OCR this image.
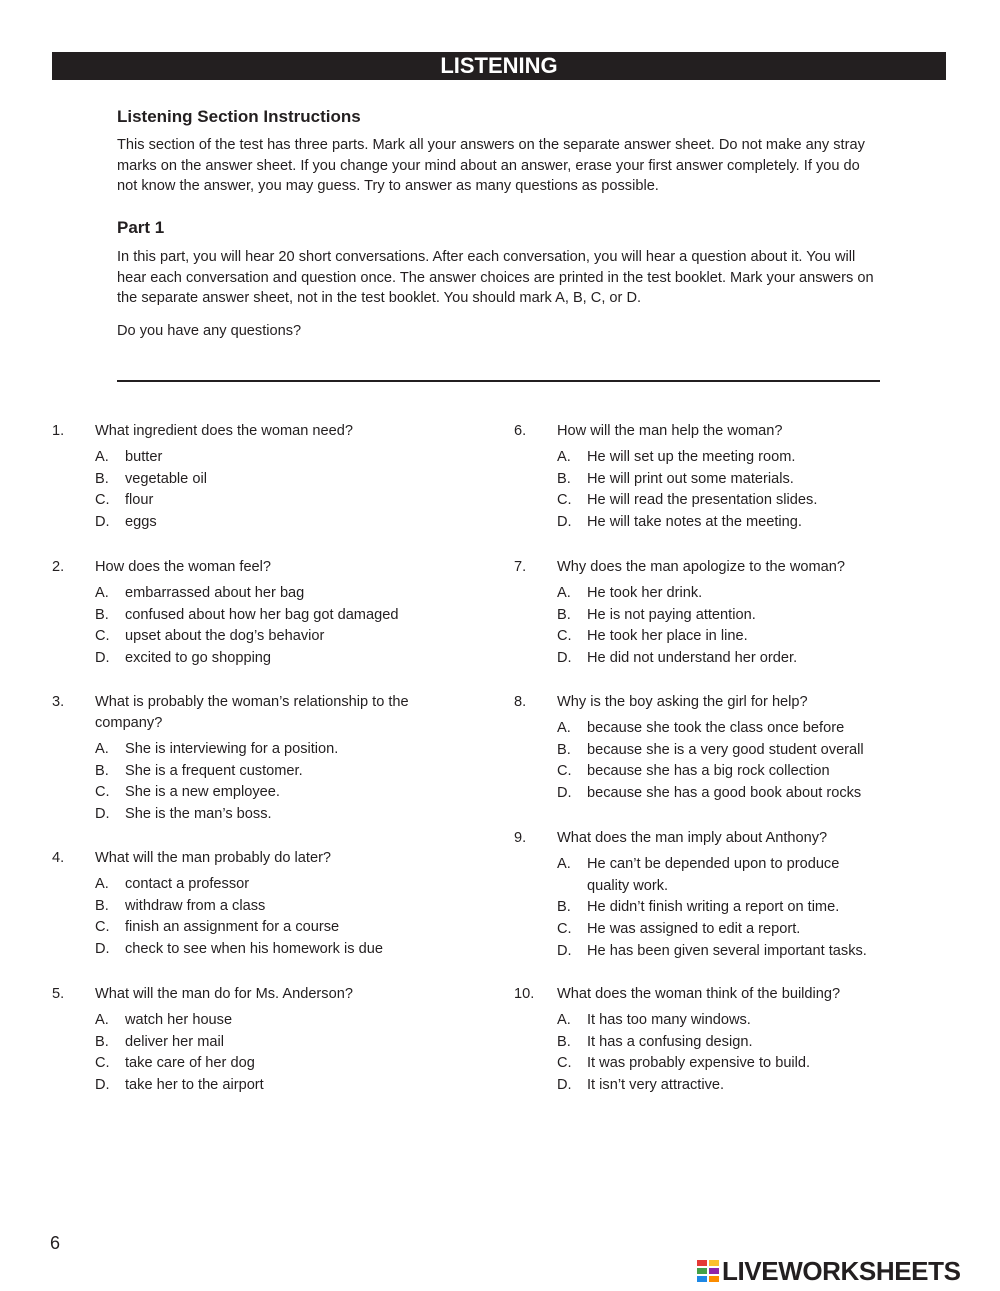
LISTENING
Listening Section Instructions
This section of the test has three parts. Mark all your answers on the separate answer sheet. Do not make any stray marks on the answer sheet. If you change your mind about an answer, erase your first answer completely. If you do not know the answer, you may guess. Try to answer as many questions as possible.
Part 1
In this part, you will hear 20 short conversations. After each conversation, you will hear a question about it. You will hear each conversation and question once. The answer choices are printed in the test booklet. Mark your answers on the separate answer sheet, not in the test booklet. You should mark A, B, C, or D.
Do you have any questions?
1. What ingredient does the woman need?
A. butter
B. vegetable oil
C. flour
D. eggs
2. How does the woman feel?
A. embarrassed about her bag
B. confused about how her bag got damaged
C. upset about the dog’s behavior
D. excited to go shopping
3. What is probably the woman’s relationship to the company?
A. She is interviewing for a position.
B. She is a frequent customer.
C. She is a new employee.
D. She is the man’s boss.
4. What will the man probably do later?
A. contact a professor
B. withdraw from a class
C. finish an assignment for a course
D. check to see when his homework is due
5. What will the man do for Ms. Anderson?
A. watch her house
B. deliver her mail
C. take care of her dog
D. take her to the airport
6. How will the man help the woman?
A. He will set up the meeting room.
B. He will print out some materials.
C. He will read the presentation slides.
D. He will take notes at the meeting.
7. Why does the man apologize to the woman?
A. He took her drink.
B. He is not paying attention.
C. He took her place in line.
D. He did not understand her order.
8. Why is the boy asking the girl for help?
A. because she took the class once before
B. because she is a very good student overall
C. because she has a big rock collection
D. because she has a good book about rocks
9. What does the man imply about Anthony?
A. He can’t be depended upon to produce quality work.
B. He didn’t finish writing a report on time.
C. He was assigned to edit a report.
D. He has been given several important tasks.
10. What does the woman think of the building?
A. It has too many windows.
B. It has a confusing design.
C. It was probably expensive to build.
D. It isn’t very attractive.
6
LIVEWORKSHEETS
